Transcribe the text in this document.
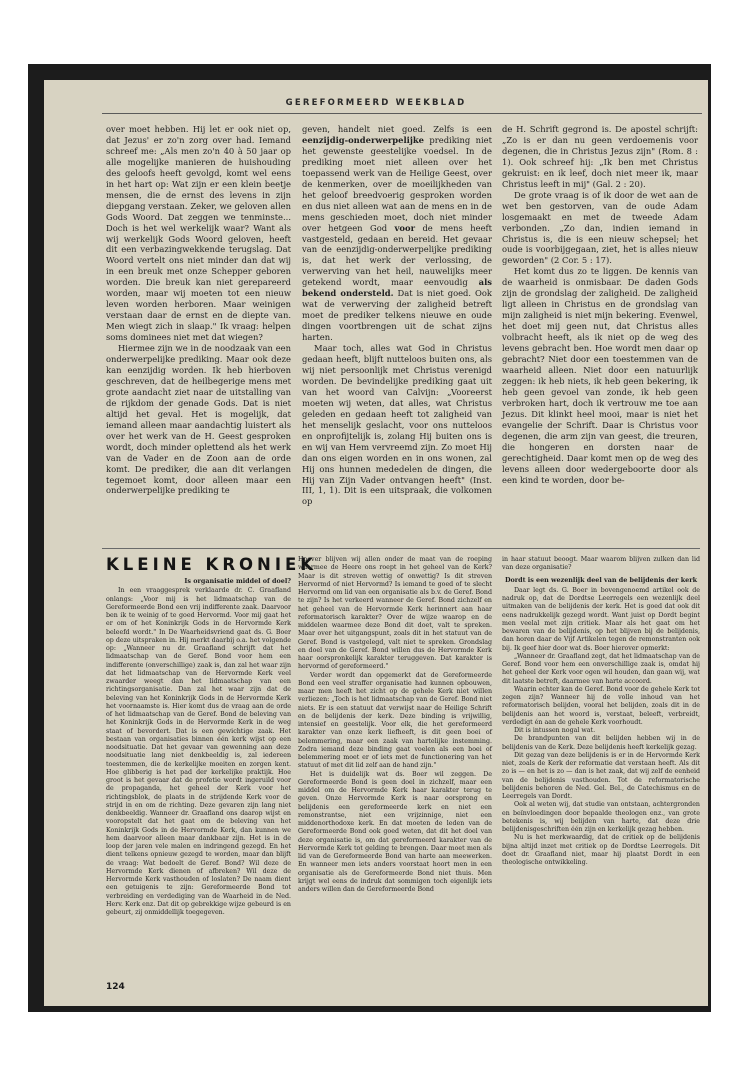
GEREFORMEERD WEEKBLAD

over moet hebben. Hij let er ook niet op, dat Jezus' er zo'n zorg over had. Iemand schreef me: „Als men zo'n 40 à 50 jaar op alle mogelijke manieren de huishouding des geloofs heeft gevolgd, komt wel eens in het hart op: Wat zijn er een klein beetje mensen, die de ernst des levens in zijn diepgang verstaan. Zeker, we geloven allen Gods Woord. Dat zeggen we tenminste... Doch is het wel werkelijk waar? Want als wij werkelijk Gods Woord geloven, heeft dit een verbazingwekkende terugslag. Dat Woord vertelt ons niet minder dan dat wij in een breuk met onze Schepper geboren worden. Die breuk kan niet gerepareerd worden, maar wij moeten tot een nieuw leven worden herboren. Maar weinigen verstaan daar de ernst en de diepte van. Men wiegt zich in slaap." Ik vraag: helpen soms dominees niet met dat wiegen?

Hiermee zijn we in de noodzaak van een onderwerpelijke prediking. Maar ook deze kan eenzijdig worden. Ik heb hierboven geschreven, dat de heilbegerige mens met grote aandacht ziet naar de uitstalling van de rijkdom der genade Gods. Dat is niet altijd het geval. Het is mogelijk, dat iemand alleen maar aandachtig luistert als over het werk van de H. Geest gesproken wordt, doch minder oplettend als het werk van de Vader en de Zoon aan de orde komt. De prediker, die aan dit verlangen tegemoet komt, door alleen maar een onderwerpelijke prediking te

geven, handelt niet goed. Zelfs is een eenzijdig-onderwerpelijke prediking niet het gewenste geestelijke voedsel. In de prediking moet niet alleen over het toepassend werk van de Heilige Geest, over de kenmerken, over de moeilijkheden van het geloof breedvoerig gesproken worden en dus niet alleen wat aan de mens en in de mens geschieden moet, doch niet minder over hetgeen God voor de mens heeft vastgesteld, gedaan en bereid. Het gevaar van de eenzijdig-onderwerpelijke prediking is, dat het werk der verlossing, de verwerving van het heil, nauwelijks meer getekend wordt, maar eenvoudig als bekend ondersteld. Dat is niet goed. Ook wat de verwerving der zaligheid betreft moet de prediker telkens nieuwe en oude dingen voortbrengen uit de schat zijns harten.

Maar toch, alles wat God in Christus gedaan heeft, blijft nutteloos buiten ons, als wij niet persoonlijk met Christus verenigd worden. De bevindelijke prediking gaat uit van het woord van Calvijn: „Vooreerst moeten wij weten, dat alles, wat Christus geleden en gedaan heeft tot zaligheid van het menselijk geslacht, voor ons nutteloos en onprofijtelijk is, zolang Hij buiten ons is en wij van Hem vervreemd zijn. Zo moet Hij dan ons eigen worden en in ons wonen, zal Hij ons hunnen mededelen de dingen, die Hij van Zijn Vader ontvangen heeft" (Inst. III, 1, 1). Dit is een uitspraak, die volkomen op

de H. Schrift gegrond is. De apostel schrijft: „Zo is er dan nu geen verdoemenis voor degenen, die in Christus Jezus zijn" (Rom. 8 : 1). Ook schreef hij: „Ik ben met Christus gekruist: en ik leef, doch niet meer ik, maar Christus leeft in mij" (Gal. 2 : 20).

De grote vraag is of ik door de wet aan de wet ben gestorven, van de oude Adam losgemaakt en met de tweede Adam verbonden. „Zo dan, indien iemand in Christus is, die is een nieuw schepsel; het oude is voorbijgegaan, ziet, het is alles nieuw geworden" (2 Cor. 5 : 17).

Het komt dus zo te liggen. De kennis van de waarheid is onmisbaar. De daden Gods zijn de grondslag der zaligheid. De zaligheid ligt alleen in Christus en de grondslag van mijn zaligheid is niet mijn bekering. Evenwel, het doet mij geen nut, dat Christus alles volbracht heeft, als ik niet op de weg des levens gebracht ben. Hoe wordt men daar op gebracht? Niet door een toestemmen van de waarheid alleen. Niet door een natuurlijk zeggen: ik heb niets, ik heb geen bekering, ik heb geen gevoel van zonde, ik heb geen verbroken hart, doch ik vertrouw me toe aan Jezus. Dit klinkt heel mooi, maar is niet het evangelie der Schrift. Daar is Christus voor degenen, die arm zijn van geest, die treuren, die hongeren en dorsten naar de gerechtigheid. Daar komt men op de weg des levens alleen door wedergeboorte door als een kind te worden, door be-

KLEINE KRONIEK
Is organisatie middel of doel?

In een vraaggesprek verklaarde dr. C. Graafland onlangs: „Voor mij is het lidmaatschap van de Gereformeerde Bond een vrij indifferente zaak. Daarvoor ben ik te weinig of te goed Hervormd. Voor mij gaat het er om of het Koninkrijk Gods in de Hervormde Kerk beleefd wordt." In De Waarheidsvriend gaat ds. G. Boer op deze uitspraken in. Hij merkt daarbij o.a. het volgende op: „Wanneer nu dr. Graafland schrijft dat het lidmaatschap van de Geref. Bond voor hem een indifferente (onverschillige) zaak is, dan zal het waar zijn dat het lidmaatschap van de Hervormde Kerk veel zwaarder weegt dan het lidmaatschap van een richtingsorganisatie. Dan zal het waar zijn dat de beleving van het Koninkrijk Gods in de Hervormde Kerk het voornaamste is. Hier komt dus de vraag aan de orde of het lidmaatschap van de Geref. Bond de beleving van het Koninkrijk Gods in de Hervormde Kerk in de weg staat of bevordert. Dat is een gewichtige zaak. Het bestaan van organisaties binnen één kerk wijst op een noodsituatie. Dat het gevaar van gewenning aan deze noodsituatie lang niet denkbeeldig is, zal iedereen toestemmen, die de kerkelijke moeiten en zorgen kent. Hoe glibberig is het pad der kerkelijke praktijk. Hoe groot is het gevaar dat de profetie wordt ingeruild voor de propaganda, het geheel der Kerk voor het richtingsblok, de plaats in de strijdende Kerk voor de strijd in en om de richting. Deze gevaren zijn lang niet denkbeeldig. Wanneer dr. Graafland ons daarop wijst en vooropstelt dat het gaat om de beleving van het Koninkrijk Gods in de Hervormde Kerk, dan kunnen we hem daarvoor alleen maar dankbaar zijn. Het is in de loop der jaren vele malen en indringend gezegd. En het dient telkens opnieuw gezegd te worden, maar dan blijft de vraag: Wat bedoelt de Geref. Bond? Wil deze de Hervormde Kerk dienen of afbreken? Wil deze de Hervormde Kerk vasthouden of loslaten? De naam dient een getuigenis te zijn: Gereformeerde Bond tot verbreiding en verdediging van de Waarheid in de Ned. Herv. Kerk enz. Dat dit op gebrekkige wijze gebeurd is en gebeurt, zij onmiddellijk toegegeven.

Hoever blijven wij allen onder de maat van de roeping waarmee de Heere ons roept in het geheel van de Kerk? Maar is dit streven wettig of onwettig? Is dit streven Hervormd of niet Hervormd? Is iemand te goed of te slecht Hervormd om lid van een organisatie als b.v. de Geref. Bond te zijn? Is het verkeerd wanneer de Geref. Bond zichzelf en het geheel van de Hervormde Kerk herinnert aan haar reformatorisch karakter? Over de wijze waarop en de middelen waarmee deze Bond dit doet, valt te spreken. Maar over het uitgangspunt, zoals dit in het statuut van de Geref. Bond is vastgelegd, valt niet te spreken. Grondslag en doel van de Geref. Bond willen dus de Hervormde Kerk haar oorspronkelijk karakter teruggeven. Dat karakter is hervormd of gereformeerd."

Verder wordt dan opgemerkt dat de Gereformeerde Bond een veel straffer organisatie had kunnen opbouwen, maar men heeft het zicht op de gehele Kerk niet willen verliezen: „Toch is het lidmaatschap van de Geref. Bond niet niets. Er is een statuut dat verwijst naar de Heilige Schrift en de belijdenis der kerk. Deze binding is vrijwillig, intensief en geestelijk. Voor elk, die het gereformeerd karakter van onze kerk liefheeft, is dit geen boei of belemmering, maar een zaak van hartelijke instemming. Zodra iemand deze binding gaat voelen als een boei of belemmering moet er of iets met de functionering van het statuut of met dit lid zelf aan de hand zijn."

Het is duidelijk wat ds. Boer wil zeggen. De Gereformeerde Bond is geen doel in zichzelf, maar een middel om de Hervormde Kerk haar karakter terug te geven. Onze Hervormde Kerk is naar oorsprong en belijdenis een gereformeerde kerk en niet een remonstrantse, niet een vrijzinnige, niet een middenorthodoxe kerk. En dat moeten de leden van de Gereformeerde Bond ook goed weten, dat dit het doel van deze organisatie is, om dat gereformeerd karakter van de Hervormde Kerk tot gelding te brengen. Daar moet men als lid van de Gereformeerde Bond van harte aan meewerken. En wanneer men iets anders voorstaat hoort men in een organisatie als de Gereformeerde Bond niet thuis. Men krijgt wel eens de indruk dat sommigen toch eigenlijk iets anders willen dan de Gereformeerde Bond

in haar statuut beoogt. Maar waarom blijven zulken dan lid van deze organisatie?

Dordt is een wezenlijk deel van de belijdenis der kerk

Daar legt ds. G. Boer in bovengenoemd artikel ook de nadruk op, dat de Dordtse Leerregels een wezenlijk deel uitmaken van de belijdenis der kerk. Het is goed dat ook dit eens nadrukkelijk gezegd wordt. Want juist op Dordt begint men veelal met zijn critiek. Maar als het gaat om het bewaren van de belijdenis, op het blijven bij de belijdenis, dan horen daar de Vijf Artikelen tegen de remonstranten ook bij. Ik geef hier door wat ds. Boer hierover opmerkt:

„Wanneer dr. Graafland zegt, dat het lidmaatschap van de Geref. Bond voor hem een onverschillige zaak is, omdat hij het geheel der Kerk voor ogen wil houden, dan gaan wij, wat dit laatste betreft, daarmee van harte accoord.

Waarin echter kan de Geref. Bond voor de gehele Kerk tot zegen zijn? Wanneer hij de volle inhoud van het reformatorisch belijden, vooral het belijden, zoals dit in de belijdenis aan het woord is, verstaat, beleeft, verbreidt, verdedigt én aan de gehele Kerk voorhoudt.

Dit is intussen nogal wat.

De brandpunten van dit belijden hebben wij in de belijdenis van de Kerk. Deze belijdenis heeft kerkelijk gezag.

Dit gezag van deze belijdenis is er in de Hervormde Kerk niet, zoals de Kerk der reformatie dat verstaan heeft. Als dit zo is — en het is zo — dan is het zaak, dat wij zelf de eenheid van de belijdenis vasthouden. Tot de reformatorische belijdenis behoren de Ned. Gel. Bel., de Catechismus en de Leerregels van Dordt.

Ook al weten wij, dat studie van ontstaan, achtergronden en beïnvloedingen door bepaalde theologen enz., van grote betekenis is, wij belijden van harte, dat deze drie belijdenisgeschriften één zijn en kerkelijk gezag hebben.

Nu is het merkwaardig, dat de critiek op de belijdenis bijna altijd inzet met critiek op de Dordtse Leerregels. Dit doet dr. Graafland niet, maar hij plaatst Dordt in een theologische ontwikkeling.

124
